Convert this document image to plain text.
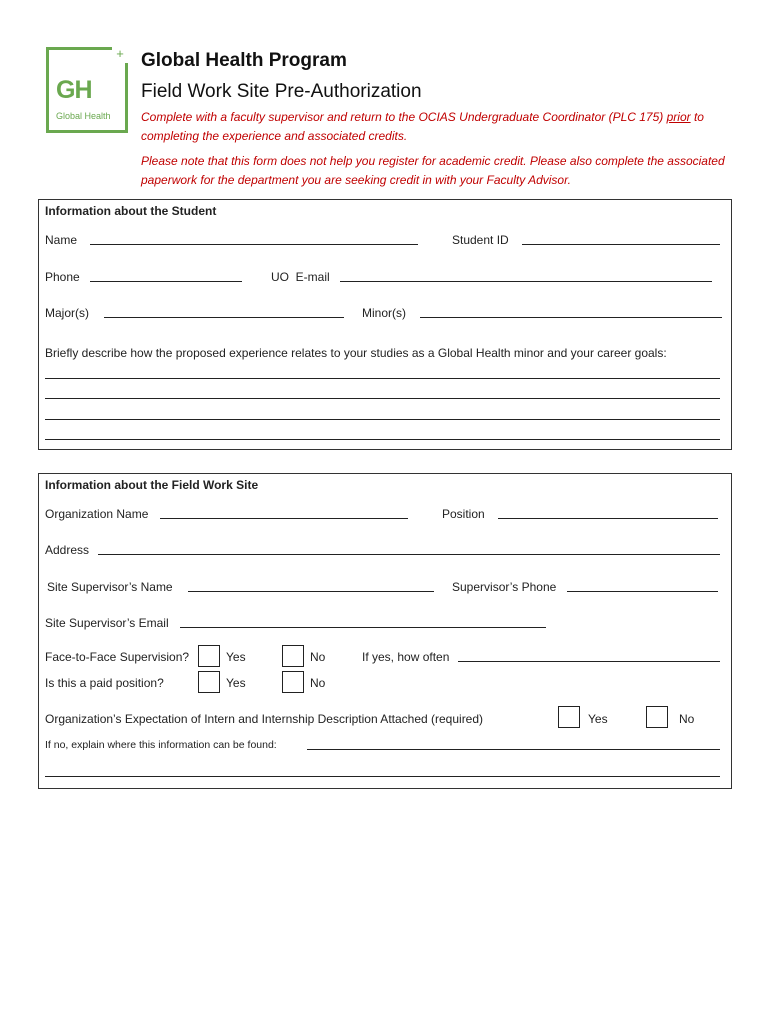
+
GH
Global Health
Global Health Program
Field Work Site Pre-Authorization
Complete with a faculty supervisor and return to the OCIAS Undergraduate Coordinator (PLC 175) prior to completing the experience and associated credits.
Please note that this form does not help you register for academic credit. Please also complete the associated paperwork for the department you are seeking credit in with your Faculty Advisor.
Information about the Student
Name	Student ID
Phone	UO  E-mail
Major(s)	Minor(s)
Briefly describe how the proposed experience relates to your studies as a Global Health minor and your career goals:
Information about the Field Work Site
Organization Name	Position
Address
Site Supervisor’s Name	Supervisor’s Phone
Site Supervisor’s Email
Face-to-Face Supervision?	Yes	No	If yes, how often
Is this a paid position?	Yes	No
Organization’s Expectation of Intern and Internship Description Attached (required)	Yes	No
If no, explain where this information can be found:
